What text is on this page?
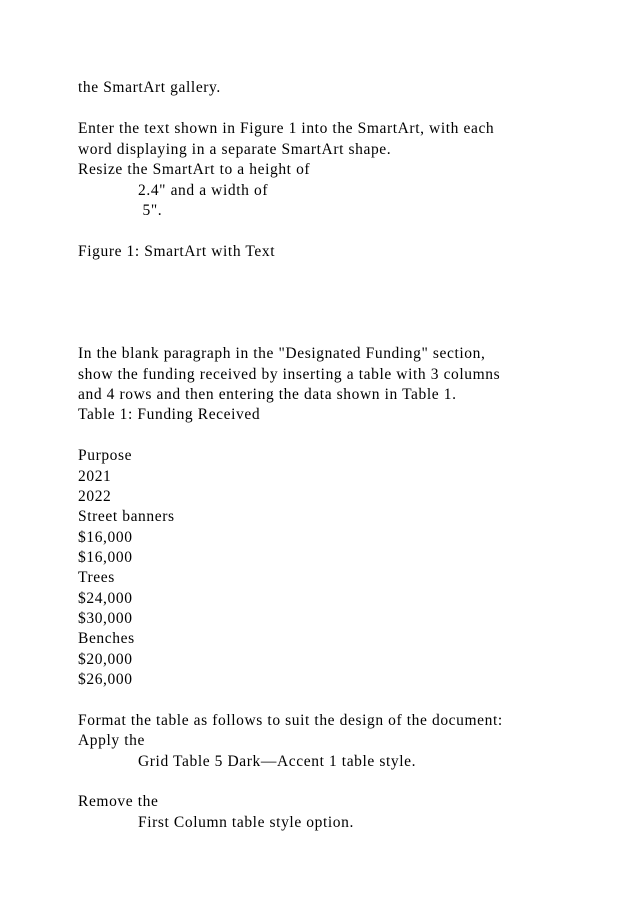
the SmartArt gallery.

Enter the text shown in Figure 1 into the SmartArt, with each

word displaying in a separate SmartArt shape.

Resize the SmartArt to a height of

2.4" and a width of

5".

Figure 1: SmartArt with Text

In the blank paragraph in the "Designated Funding" section,

show the funding received by inserting a table with 3 columns

and 4 rows and then entering the data shown in Table 1.

Table 1: Funding Received

Purpose

2021

2022

Street banners

$16,000

$16,000

Trees

$24,000

$30,000

Benches

$20,000

$26,000

Format the table as follows to suit the design of the document:

Apply the

Grid Table 5 Dark—Accent 1 table style.

Remove the

First Column table style option.
